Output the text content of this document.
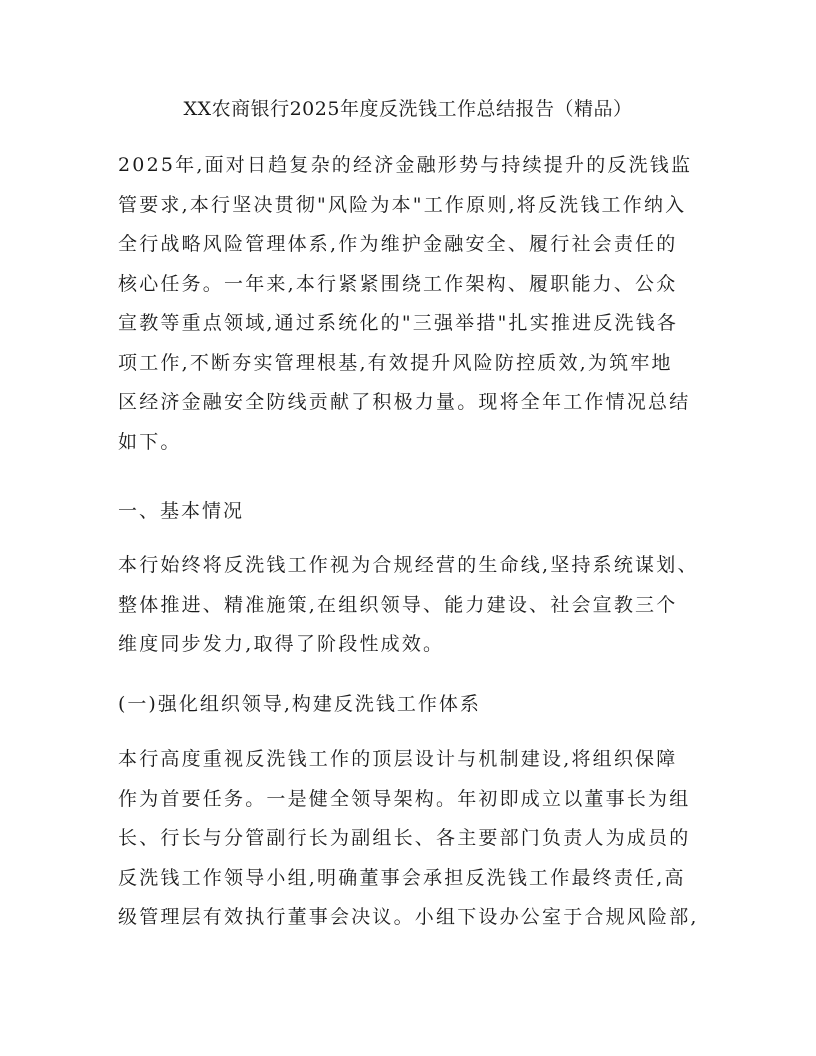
XX农商银行2025年度反洗钱工作总结报告（精品）
2025年,面对日趋复杂的经济金融形势与持续提升的反洗钱监
管要求,本行坚决贯彻"风险为本"工作原则,将反洗钱工作纳入
全行战略风险管理体系,作为维护金融安全、履行社会责任的
核心任务。一年来,本行紧紧围绕工作架构、履职能力、公众
宣教等重点领域,通过系统化的"三强举措"扎实推进反洗钱各
项工作,不断夯实管理根基,有效提升风险防控质效,为筑牢地
区经济金融安全防线贡献了积极力量。现将全年工作情况总结
如下。
一、基本情况
本行始终将反洗钱工作视为合规经营的生命线,坚持系统谋划、
整体推进、精准施策,在组织领导、能力建设、社会宣教三个
维度同步发力,取得了阶段性成效。
(一)强化组织领导,构建反洗钱工作体系
本行高度重视反洗钱工作的顶层设计与机制建设,将组织保障
作为首要任务。一是健全领导架构。年初即成立以董事长为组
长、行长与分管副行长为副组长、各主要部门负责人为成员的
反洗钱工作领导小组,明确董事会承担反洗钱工作最终责任,高
级管理层有效执行董事会决议。小组下设办公室于合规风险部,
